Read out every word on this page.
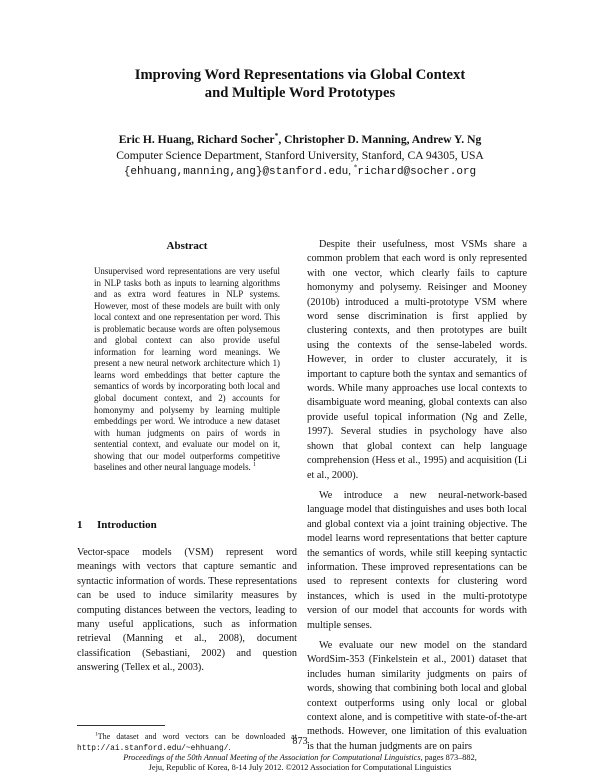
Improving Word Representations via Global Context
and Multiple Word Prototypes
Eric H. Huang, Richard Socher*, Christopher D. Manning, Andrew Y. Ng
Computer Science Department, Stanford University, Stanford, CA 94305, USA
{ehhuang,manning,ang}@stanford.edu, *richard@socher.org
Abstract
Unsupervised word representations are very useful in NLP tasks both as inputs to learning algorithms and as extra word features in NLP systems. However, most of these models are built with only local context and one representation per word. This is problematic because words are often polysemous and global context can also provide useful information for learning word meanings. We present a new neural network architecture which 1) learns word embeddings that better capture the semantics of words by incorporating both local and global document context, and 2) accounts for homonymy and polysemy by learning multiple embeddings per word. We introduce a new dataset with human judgments on pairs of words in sentential context, and evaluate our model on it, showing that our model outperforms competitive baselines and other neural language models. $^1$
1 Introduction
Vector-space models (VSM) represent word meanings with vectors that capture semantic and syntactic information of words. These representations can be used to induce similarity measures by computing distances between the vectors, leading to many useful applications, such as information retrieval (Manning et al., 2008), document classification (Sebastiani, 2002) and question answering (Tellex et al., 2003).
$^1$The dataset and word vectors can be downloaded at http://ai.stanford.edu/~ehhuang/.

Despite their usefulness, most VSMs share a common problem that each word is only represented with one vector, which clearly fails to capture homonymy and polysemy. Reisinger and Mooney (2010b) introduced a multi-prototype VSM where word sense discrimination is first applied by clustering contexts, and then prototypes are built using the contexts of the sense-labeled words. However, in order to cluster accurately, it is important to capture both the syntax and semantics of words. While many approaches use local contexts to disambiguate word meaning, global contexts can also provide useful topical information (Ng and Zelle, 1997). Several studies in psychology have also shown that global context can help language comprehension (Hess et al., 1995) and acquisition (Li et al., 2000).

We introduce a new neural-network-based language model that distinguishes and uses both local and global context via a joint training objective. The model learns word representations that better capture the semantics of words, while still keeping syntactic information. These improved representations can be used to represent contexts for clustering word instances, which is used in the multi-prototype version of our model that accounts for words with multiple senses.

We evaluate our new model on the standard WordSim-353 (Finkelstein et al., 2001) dataset that includes human similarity judgments on pairs of words, showing that combining both local and global context outperforms using only local or global context alone, and is competitive with state-of-the-art methods. However, one limitation of this evaluation is that the human judgments are on pairs

873
Proceedings of the 50th Annual Meeting of the Association for Computational Linguistics, pages 873–882,
Jeju, Republic of Korea, 8-14 July 2012. ©2012 Association for Computational Linguistics
